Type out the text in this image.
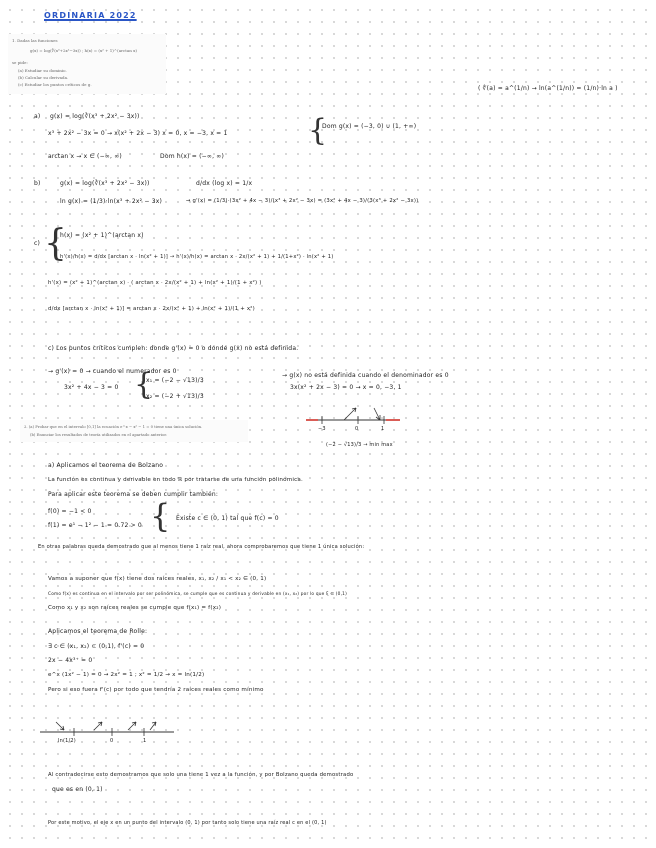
ORDINARIA 2022
1. Dadas las funciones
g(x) = log(∛(x³+2x²−3x)) ; h(x) = (x² + 1)^(arctan x)
se pide:
(a) Estudiar su dominio.
(b) Calcular su derivada.
(c) Estudiar los puntos críticos de g.
( ∜(a) = a^(1/n) → ln(a^(1/n)) = (1/n)·ln a )
a) g(x) = log(∛(x³ + 2x² − 3x))
x³ + 2x² − 3x = 0 → x(x² + 2x − 3) x = 0, x = −3, x = 1	{
Dom g(x) = (−3, 0) ∪ (1, +∞)
arctan x → x ∈ (−∞, ∞)	Dom h(x) = (−∞, ∞)
b)	g(x) = log(∛(x³ + 2x² − 3x))	d/dx (log x) = 1/x
ln g(x) = (1/3)·ln(x³ + 2x² − 3x)	→ g'(x) = (1/3)·(3x² + 4x − 3)/(x³ + 2x² − 3x) = (3x² + 4x − 3)/(3(x³ + 2x² − 3x))
c) {
h(x) = (x² + 1)^(arctan x)
h'(x)/h(x) = d/dx [arctan x · ln(x² + 1)] → h'(x)/h(x) = arctan x · 2x/(x² + 1) + 1/(1+x²) · ln(x² + 1)
h'(x) = (x² + 1)^(arctan x) · ( arctan x · 2x/(x² + 1) + ln(x² + 1)/(1 + x²) )
d/dx [arctan x · ln(x² + 1)] = arctan x · 2x/(x² + 1) + ln(x² + 1)/(1 + x²)
c) Los puntos críticos cumplen: donde g'(x) = 0 o donde g(x) no está definida.
→ g'(x) = 0 → cuando el numerador es 0
3x² + 4x − 3 = 0 {
x₁ = (−2 − √13)/3
x₂ = (−2 + √13)/3
→ g(x) no está definida cuando el denominador es 0
3x(x² + 2x − 3) = 0 → x = 0, −3, 1
−3	0	1
(−2 − √13)/3 → min max
2. (a) Probar que en el intervalo [0,1] la ecuación e^x − x² − 1 = 0 tiene una única solución.
(b) Enunciar los resultados de teoría utilizados en el apartado anterior.
a) Aplicamos el teorema de Bolzano
La función es continua y derivable en todo ℝ por tratarse de una función polinómica.
Para aplicar este teorema se deben cumplir también:
f(0) = −1 < 0
f(1) = e¹ − 1² − 1 = 0.72 > 0 { Existe c ∈ (0, 1) tal que f(c) = 0
En otras palabras queda demostrado que al menos tiene 1 raíz real, ahora comprobaremos que tiene 1 única solución:
Vamos a suponer que f(x) tiene dos raíces reales, x₁, x₂ / x₁ < x₂ ∈ (0, 1)
Como f(x) es continua en el intervalo por ser polinómica, se cumple que es continua y derivable en (x₁, x₂) por lo que ξ ∈ (0,1)
Como x₁ y x₂ son raíces reales se cumple que f(x₁) = f(x₂)
Aplicamos el teorema de Rolle:
∃ c ∈ (x₁, x₂) ⊂ (0,1), f'(c) = 0
2x − 4x³⁺ = 0
e^x (1x² − 1) = 0 → 2x² = 1 ; x² = 1/2 → x = ln(1/2)
Pero si eso fuera f'(c) por todo que tendría 2 raíces reales como mínimo
ln(1/2)	0	1
Al contradecirse esto demostramos que solo una tiene 1 vez a la función, y por Bolzano queda demostrado
que es en (0, 1)
Por este motivo, el eje x en un punto del intervalo (0, 1) por tanto solo tiene una raíz real c en el (0, 1)
